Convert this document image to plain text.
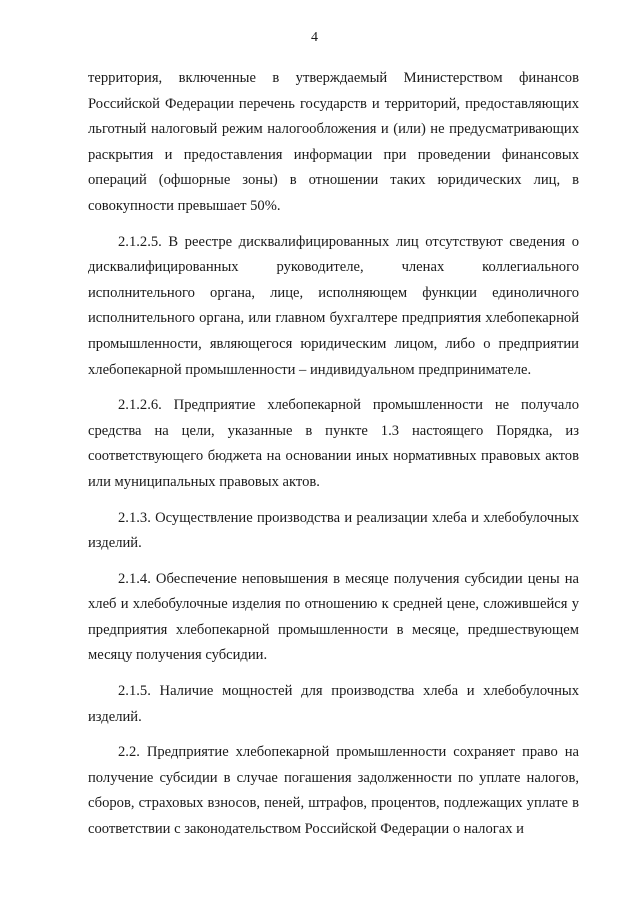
4

территория, включенные в утверждаемый Министерством финансов Российской Федерации перечень государств и территорий, предоставляющих льготный налоговый режим налогообложения и (или) не предусматривающих раскрытия и предоставления информации при проведении финансовых операций (офшорные зоны) в отношении таких юридических лиц, в совокупности превышает 50%.

2.1.2.5. В реестре дисквалифицированных лиц отсутствуют сведения о дисквалифицированных руководителе, членах коллегиального исполнительного органа, лице, исполняющем функции единоличного исполнительного органа, или главном бухгалтере предприятия хлебопекарной промышленности, являющегося юридическим лицом, либо о предприятии хлебопекарной промышленности – индивидуальном предпринимателе.

2.1.2.6. Предприятие хлебопекарной промышленности не получало средства на цели, указанные в пункте 1.3 настоящего Порядка, из соответствующего бюджета на основании иных нормативных правовых актов или муниципальных правовых актов.

2.1.3. Осуществление производства и реализации хлеба и хлебобулочных изделий.

2.1.4. Обеспечение неповышения в месяце получения субсидии цены на хлеб и хлебобулочные изделия по отношению к средней цене, сложившейся у предприятия хлебопекарной промышленности в месяце, предшествующем месяцу получения субсидии.

2.1.5. Наличие мощностей для производства хлеба и хлебобулочных изделий.

2.2. Предприятие хлебопекарной промышленности сохраняет право на получение субсидии в случае погашения задолженности по уплате налогов, сборов, страховых взносов, пеней, штрафов, процентов, подлежащих уплате в соответствии с законодательством Российской Федерации о налогах и
